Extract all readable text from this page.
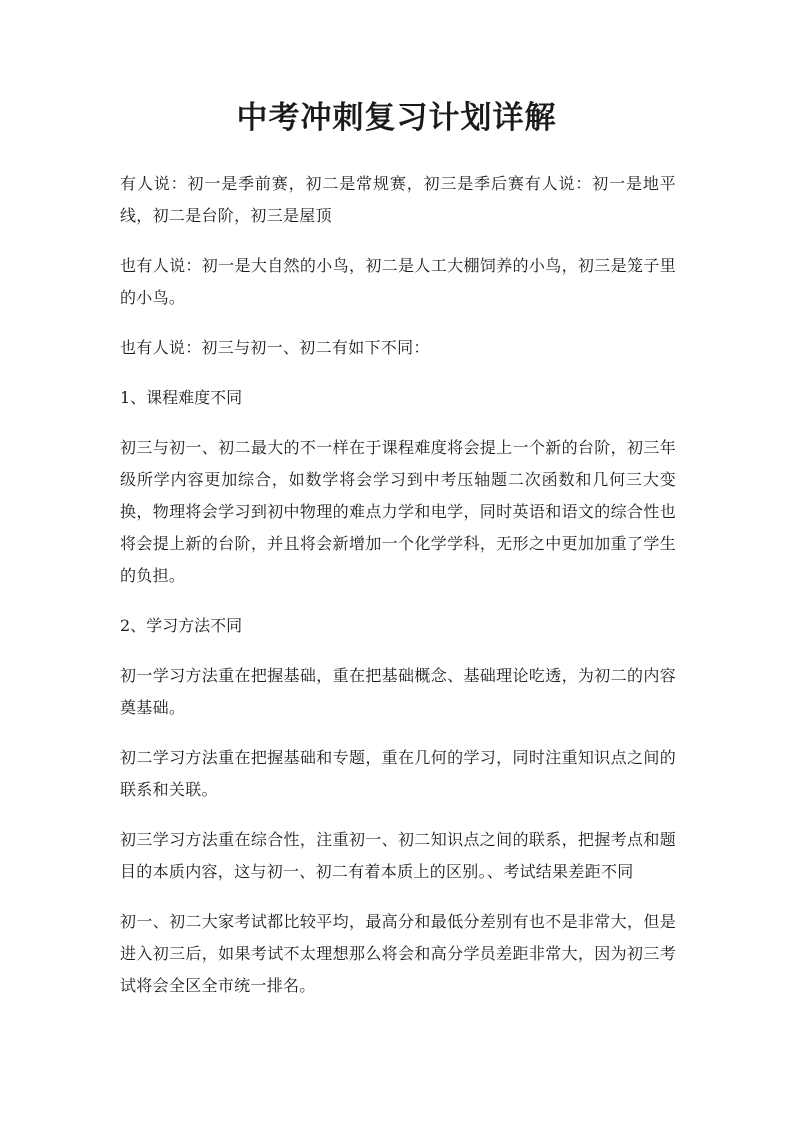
中考冲刺复习计划详解

有人说：初一是季前赛，初二是常规赛，初三是季后赛有人说：初一是地平线，初二是台阶，初三是屋顶

也有人说：初一是大自然的小鸟，初二是人工大棚饲养的小鸟，初三是笼子里的小鸟。

也有人说：初三与初一、初二有如下不同：

1、课程难度不同

初三与初一、初二最大的不一样在于课程难度将会提上一个新的台阶，初三年级所学内容更加综合，如数学将会学习到中考压轴题二次函数和几何三大变换，物理将会学习到初中物理的难点力学和电学，同时英语和语文的综合性也将会提上新的台阶，并且将会新增加一个化学学科，无形之中更加加重了学生的负担。

2、学习方法不同

初一学习方法重在把握基础，重在把基础概念、基础理论吃透，为初二的内容奠基础。

初二学习方法重在把握基础和专题，重在几何的学习，同时注重知识点之间的联系和关联。

初三学习方法重在综合性，注重初一、初二知识点之间的联系，把握考点和题目的本质内容，这与初一、初二有着本质上的区别。、考试结果差距不同

初一、初二大家考试都比较平均，最高分和最低分差别有也不是非常大，但是进入初三后，如果考试不太理想那么将会和高分学员差距非常大，因为初三考试将会全区全市统一排名。
